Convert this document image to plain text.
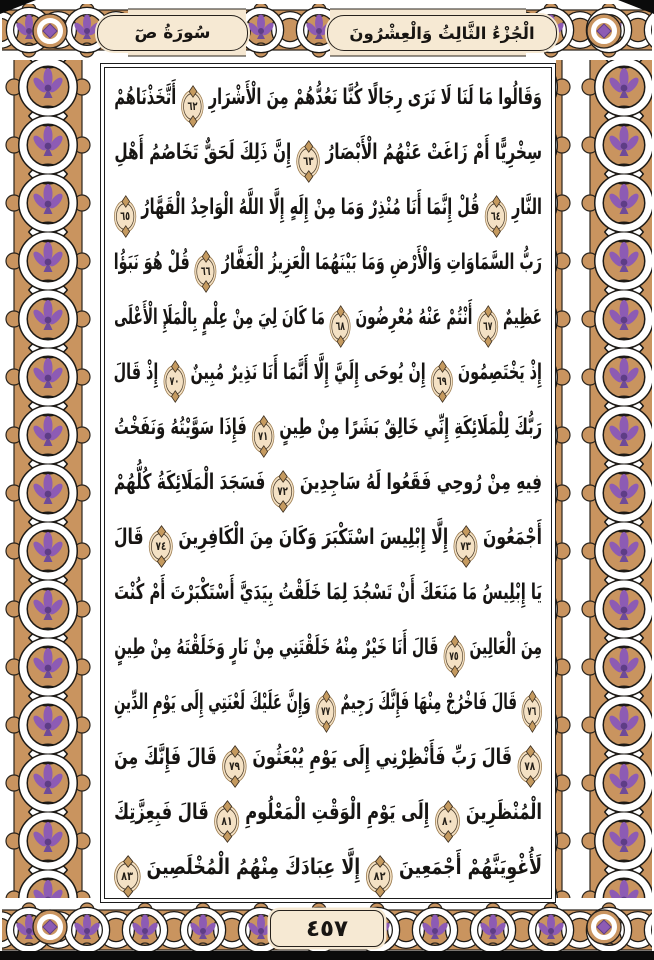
الْجُزْءُ الثَّالِثُ وَالْعِشْرُونَ
سُورَةُ صٓ
وَقَالُوا مَا لَنَا لَا نَرَى رِجَالًا كُنَّا نَعُدُّهُمْ مِنَ الْأَشْرَارِ ٦٢ أَتَّخَذْنَاهُمْ
سِخْرِيًّا أَمْ زَاغَتْ عَنْهُمُ الْأَبْصَارُ ٦٣ إِنَّ ذَلِكَ لَحَقٌّ تَخَاصُمُ أَهْلِ
النَّارِ ٦٤ قُلْ إِنَّمَا أَنَا مُنْذِرٌ وَمَا مِنْ إِلَهٍ إِلَّا اللَّهُ الْوَاحِدُ الْقَهَّارُ ٦٥
رَبُّ السَّمَاوَاتِ وَالْأَرْضِ وَمَا بَيْنَهُمَا الْعَزِيزُ الْغَفَّارُ ٦٦ قُلْ هُوَ نَبَؤُا
عَظِيمٌ ٦٧ أَنْتُمْ عَنْهُ مُعْرِضُونَ ٦٨ مَا كَانَ لِيَ مِنْ عِلْمٍ بِالْمَلَإِ الْأَعْلَى
إِذْ يَخْتَصِمُونَ ٦٩ إِنْ يُوحَى إِلَيَّ إِلَّا أَنَّمَا أَنَا نَذِيرٌ مُبِينٌ ٧٠ إِذْ قَالَ
رَبُّكَ لِلْمَلَائِكَةِ إِنِّي خَالِقٌ بَشَرًا مِنْ طِينٍ ٧١ فَإِذَا سَوَّيْتُهُ وَنَفَخْتُ
فِيهِ مِنْ رُوحِي فَقَعُوا لَهُ سَاجِدِينَ ٧٢ فَسَجَدَ الْمَلَائِكَةُ كُلُّهُمْ
أَجْمَعُونَ ٧٣ إِلَّا إِبْلِيسَ اسْتَكْبَرَ وَكَانَ مِنَ الْكَافِرِينَ ٧٤ قَالَ
يَا إِبْلِيسُ مَا مَنَعَكَ أَنْ تَسْجُدَ لِمَا خَلَقْتُ بِيَدَيَّ أَسْتَكْبَرْتَ أَمْ كُنْتَ
مِنَ الْعَالِينَ ٧٥ قَالَ أَنَا خَيْرٌ مِنْهُ خَلَقْتَنِي مِنْ نَارٍ وَخَلَقْتَهُ مِنْ طِينٍ
٧٦ قَالَ فَاخْرُجْ مِنْهَا فَإِنَّكَ رَجِيمٌ ٧٧ وَإِنَّ عَلَيْكَ لَعْنَتِي إِلَى يَوْمِ الدِّينِ
٧٨ قَالَ رَبِّ فَأَنْظِرْنِي إِلَى يَوْمِ يُبْعَثُونَ ٧٩ قَالَ فَإِنَّكَ مِنَ
الْمُنْظَرِينَ ٨٠ إِلَى يَوْمِ الْوَقْتِ الْمَعْلُومِ ٨١ قَالَ فَبِعِزَّتِكَ
لَأُغْوِيَنَّهُمْ أَجْمَعِينَ ٨٢ إِلَّا عِبَادَكَ مِنْهُمُ الْمُخْلَصِينَ ٨٣
٤٥٧
